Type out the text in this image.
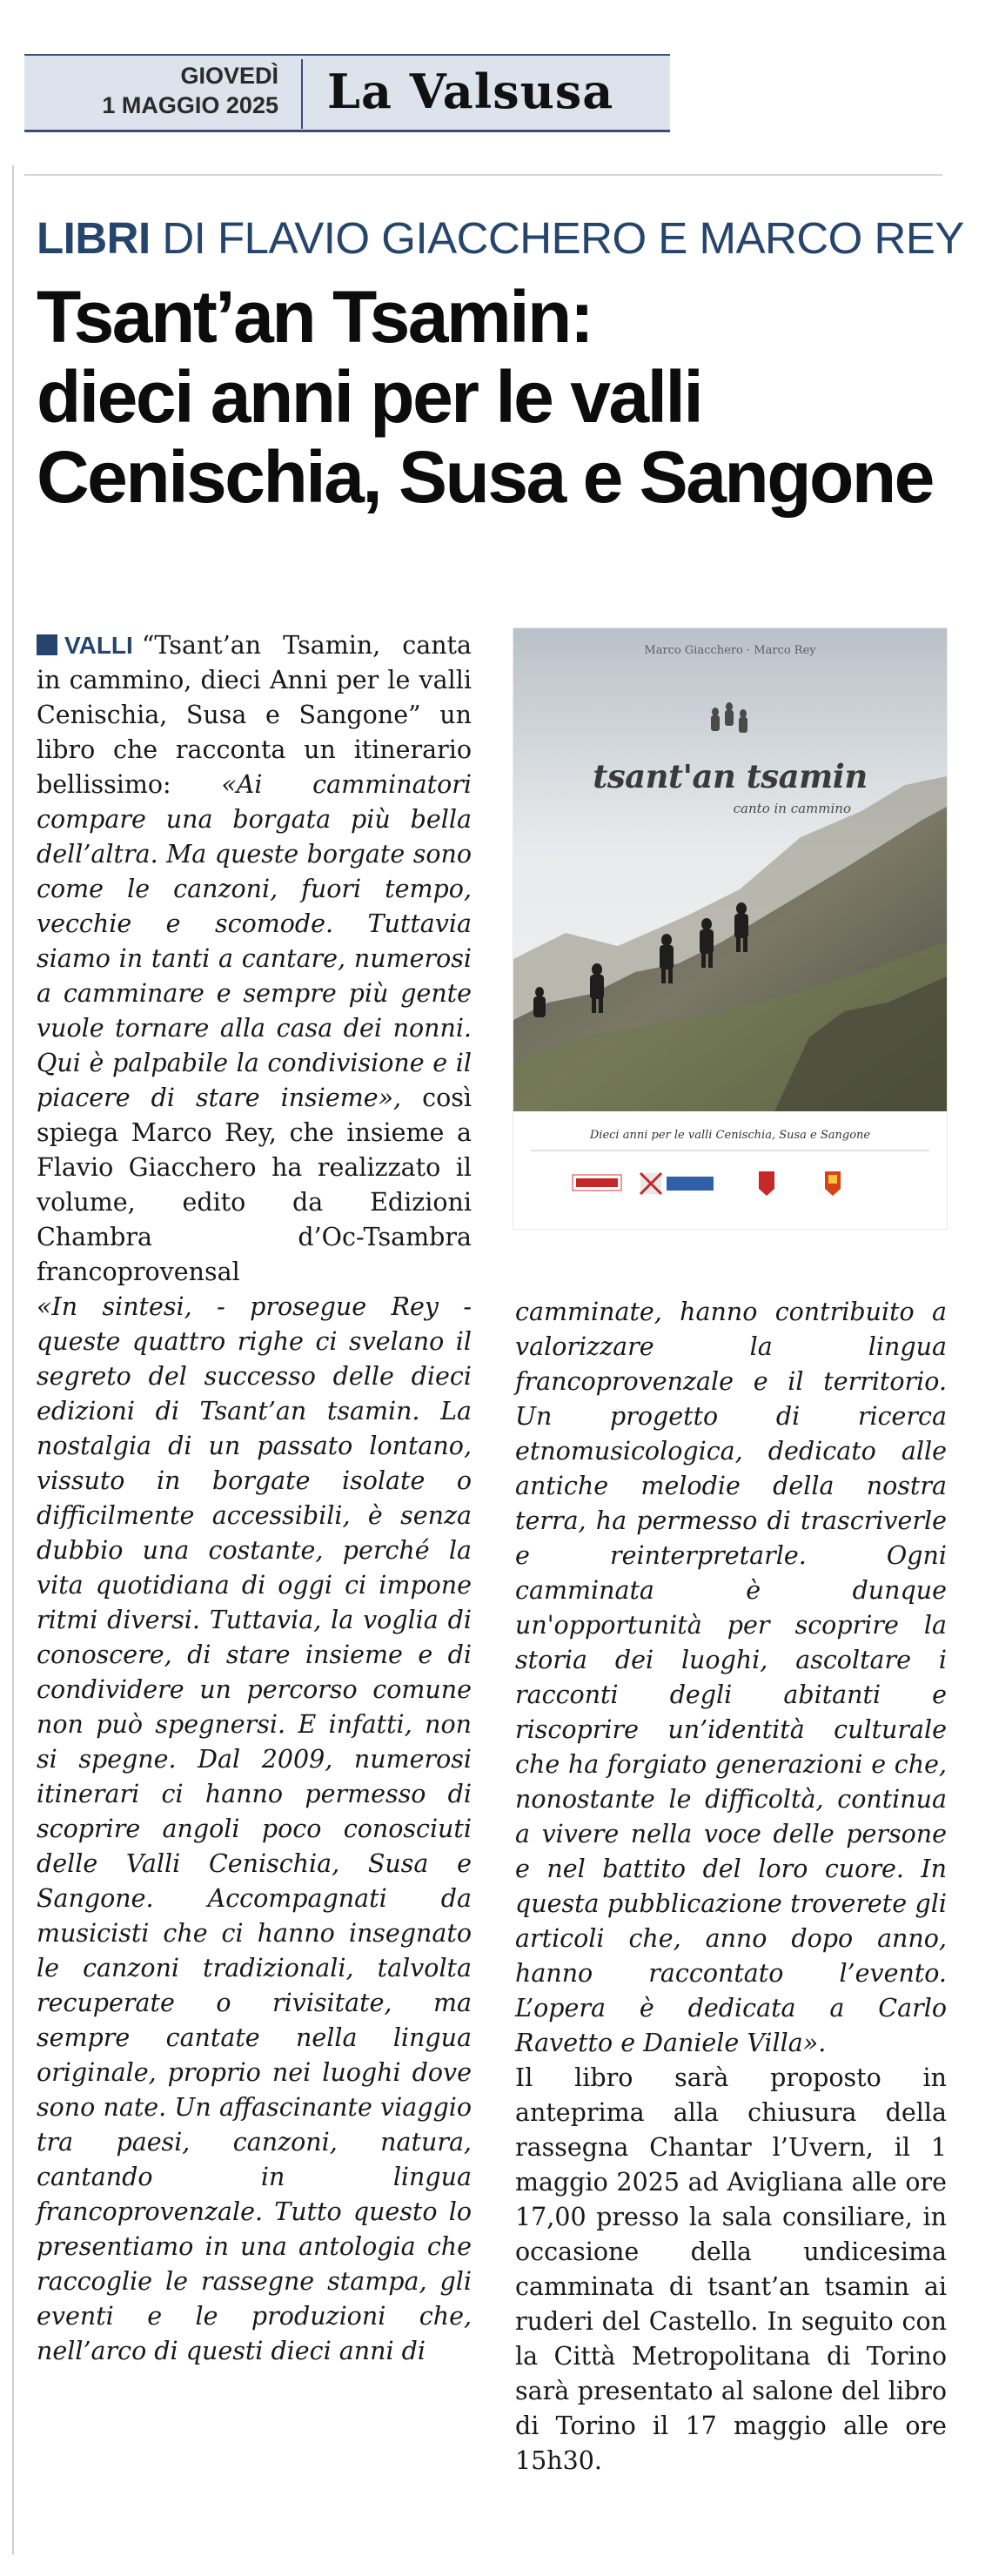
GIOVEDÌ
1 MAGGIO 2025 La Valsusa
LIBRI DI FLAVIO GIACCHERO E MARCO REY
Tsant’an Tsamin:
dieci anni per le valli
Cenischia, Susa e Sangone
Marco Giacchero · Marco Rey
tsant'an tsamin
canto in cammino
Dieci anni per le valli Cenischia, Susa e Sangone

VALLI “Tsant’an Tsamin, canta in cammino, dieci Anni per le valli Cenischia, Susa e Sangone” un libro che racconta un itinerario bellissimo: «Ai camminatori compare una borgata più bella dell’altra. Ma queste borgate sono come le canzoni, fuori tempo, vecchie e scomode. Tuttavia siamo in tanti a cantare, numerosi a camminare e sempre più gente vuole tornare alla casa dei nonni. Qui è palpabile la condivisione e il piacere di stare insieme», così spiega Marco Rey, che insieme a Flavio Giacchero ha realizzato il volume, edito da Edizioni Chambra d’Oc-Tsambra francoprovensal

«In sintesi, - prosegue Rey - queste quattro righe ci svelano il segreto del successo delle dieci edizioni di Tsant’an tsamin. La nostalgia di un passato lontano, vissuto in borgate isolate o difficilmente accessibili, è senza dubbio una costante, perché la vita quotidiana di oggi ci impone ritmi diversi. Tuttavia, la voglia di conoscere, di stare insieme e di condividere un percorso comune non può spegnersi. E infatti, non si spegne. Dal 2009, numerosi itinerari ci hanno permesso di scoprire angoli poco conosciuti delle Valli Cenischia, Susa e Sangone. Accompagnati da musicisti che ci hanno insegnato le canzoni tradizionali, talvolta recuperate o rivisitate, ma sempre cantate nella lingua originale, proprio nei luoghi dove sono nate. Un affascinante viaggio tra paesi, canzoni, natura, cantando in lingua francoprovenzale. Tutto questo lo presentiamo in una antologia che raccoglie le rassegne stampa, gli eventi e le produzioni che, nell’arco di questi dieci anni di

camminate, hanno contribuito a valorizzare la lingua francoprovenzale e il territorio. Un progetto di ricerca etnomusicologica, dedicato alle antiche melodie della nostra terra, ha permesso di trascriverle e reinterpretarle. Ogni camminata è dunque un'opportunità per scoprire la storia dei luoghi, ascoltare i racconti degli abitanti e riscoprire un’identità culturale che ha forgiato generazioni e che, nonostante le difficoltà, continua a vivere nella voce delle persone e nel battito del loro cuore. In questa pubblicazione troverete gli articoli che, anno dopo anno, hanno raccontato l’evento. L’opera è dedicata a Carlo Ravetto e Daniele Villa».

Il libro sarà proposto in anteprima alla chiusura della rassegna Chantar l’Uvern, il 1 maggio 2025 ad Avigliana alle ore 17,00 presso la sala consiliare, in occasione della undicesima camminata di tsant’an tsamin ai ruderi del Castello. In seguito con la Città Metropolitana di Torino sarà presentato al salone del libro di Torino il 17 maggio alle ore 15h30.
